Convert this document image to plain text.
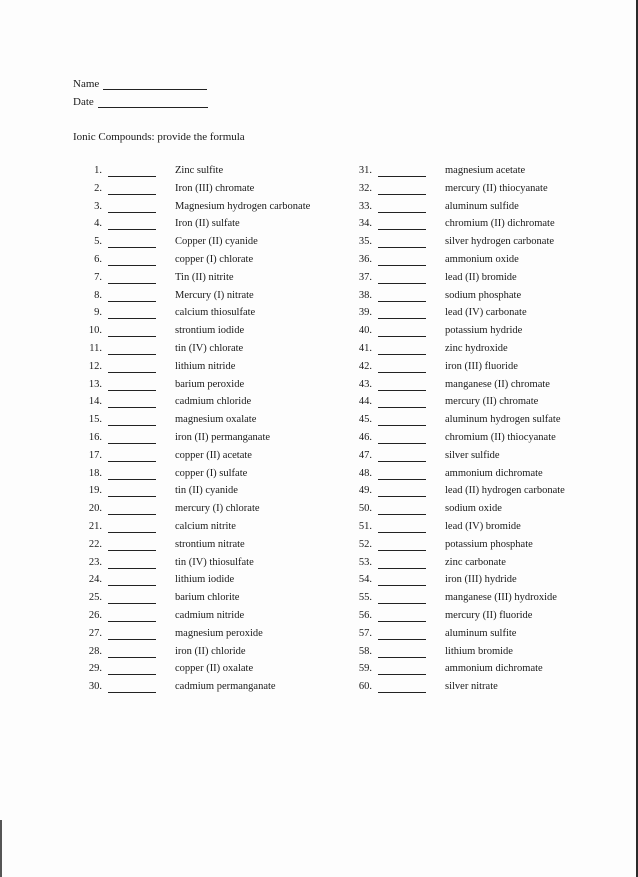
Name
Date
Ionic Compounds: provide the formula
1.	Zinc sulfite
2.	Iron (III) chromate
3.	Magnesium hydrogen carbonate
4.	Iron (II) sulfate
5.	Copper (II) cyanide
6.	copper (I) chlorate
7.	Tin (II) nitrite
8.	Mercury (I) nitrate
9.	calcium thiosulfate
10.	strontium iodide
11.	tin (IV) chlorate
12.	lithium nitride
13.	barium peroxide
14.	cadmium chloride
15.	magnesium oxalate
16.	iron (II) permanganate
17.	copper (II) acetate
18.	copper (I) sulfate
19.	tin (II) cyanide
20.	mercury (I) chlorate
21.	calcium nitrite
22.	strontium nitrate
23.	tin (IV) thiosulfate
24.	lithium iodide
25.	barium chlorite
26.	cadmium nitride
27.	magnesium peroxide
28.	iron (II) chloride
29.	copper (II) oxalate
30.	cadmium permanganate
31.	magnesium acetate
32.	mercury (II) thiocyanate
33.	aluminum sulfide
34.	chromium (II) dichromate
35.	silver hydrogen carbonate
36.	ammonium oxide
37.	lead (II) bromide
38.	sodium phosphate
39.	lead (IV) carbonate
40.	potassium hydride
41.	zinc hydroxide
42.	iron (III) fluoride
43.	manganese (II) chromate
44.	mercury (II) chromate
45.	aluminum hydrogen sulfate
46.	chromium (II) thiocyanate
47.	silver sulfide
48.	ammonium dichromate
49.	lead (II) hydrogen carbonate
50.	sodium oxide
51.	lead (IV) bromide
52.	potassium phosphate
53.	zinc carbonate
54.	iron (III) hydride
55.	manganese (III) hydroxide
56.	mercury (II) fluoride
57.	aluminum sulfite
58.	lithium bromide
59.	ammonium dichromate
60.	silver nitrate
